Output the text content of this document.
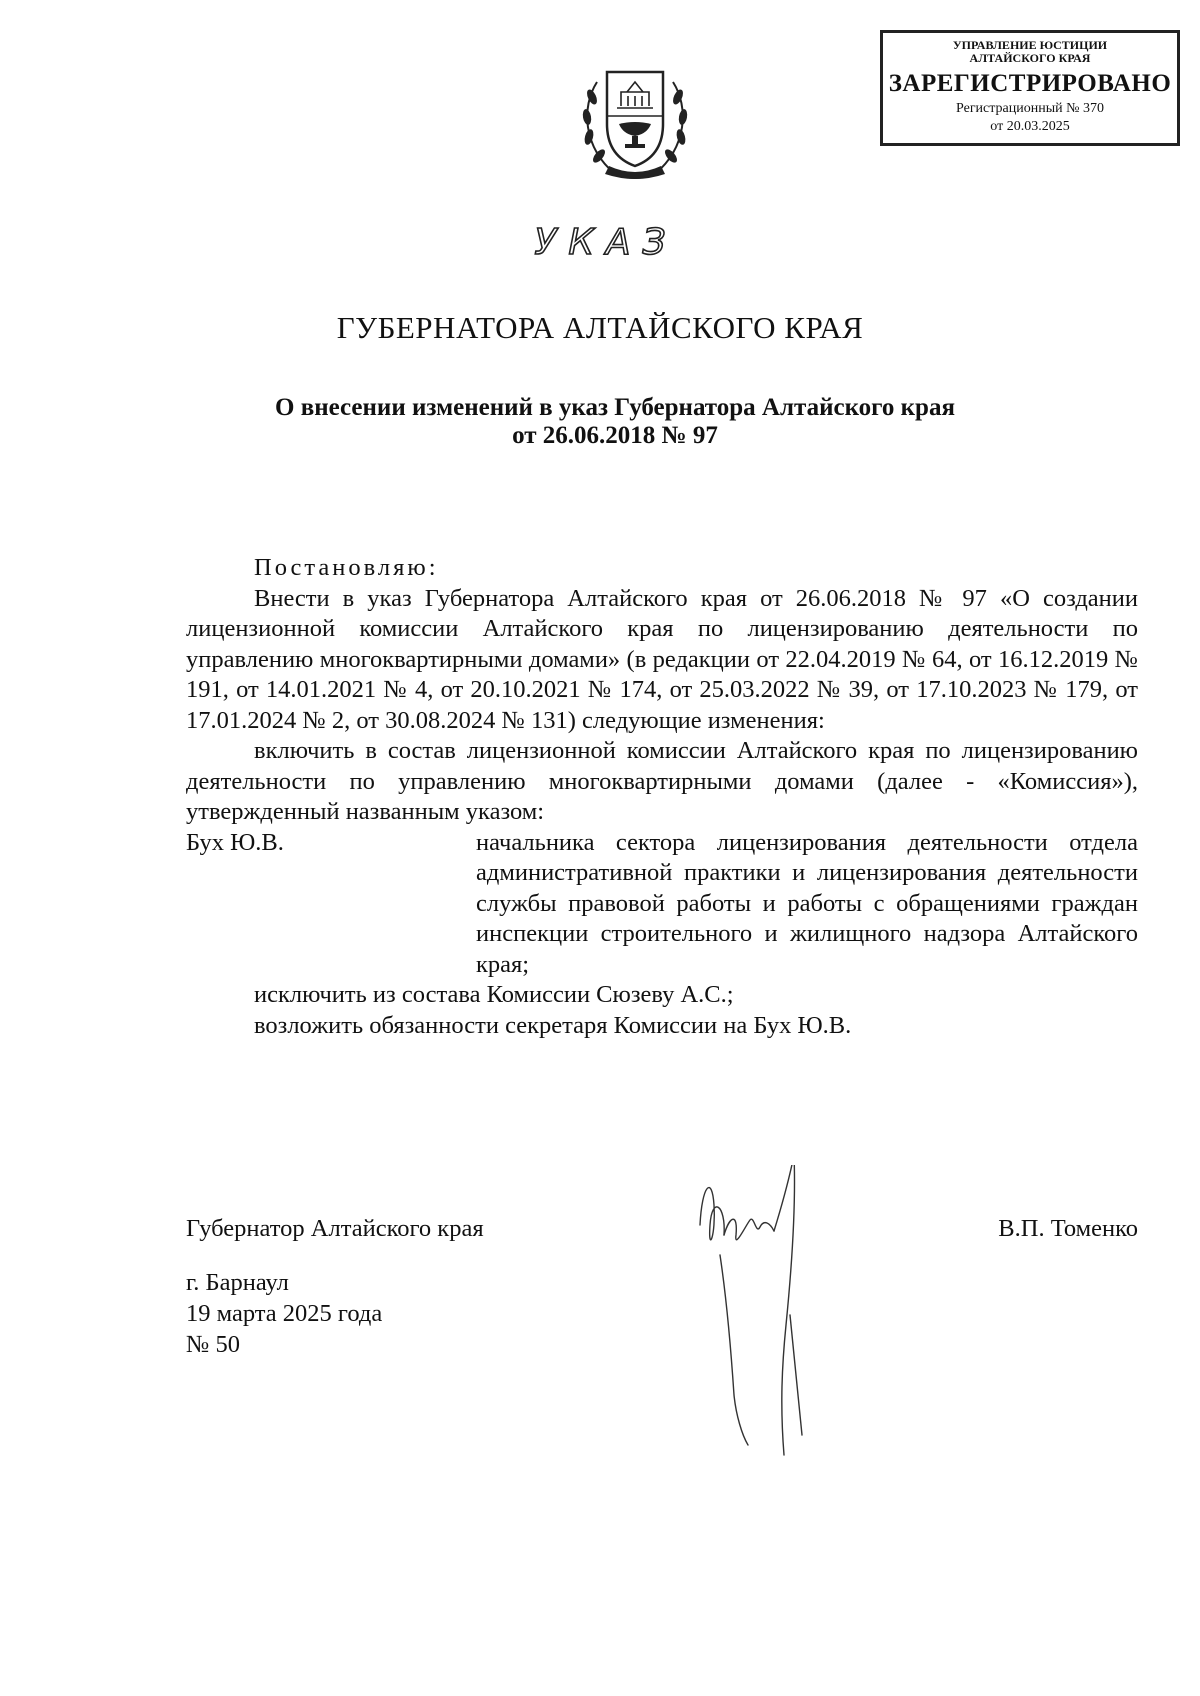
УПРАВЛЕНИЕ ЮСТИЦИИ
АЛТАЙСКОГО КРАЯ
ЗАРЕГИСТРИРОВАНО
Регистрационный № 370
от 20.03.2025
УКАЗ
ГУБЕРНАТОРА АЛТАЙСКОГО КРАЯ
О внесении изменений в указ Губернатора Алтайского края
от 26.06.2018 № 97

Постановляю:

Внести в указ Губернатора Алтайского края от 26.06.2018 № 97 «О создании лицензионной комиссии Алтайского края по лицензированию деятельности по управлению многоквартирными домами» (в редакции от 22.04.2019 № 64, от 16.12.2019 № 191, от 14.01.2021 № 4, от 20.10.2021 № 174, от 25.03.2022 № 39, от 17.10.2023 № 179, от 17.01.2024 № 2, от 30.08.2024 № 131) следующие изменения:

включить в состав лицензионной комиссии Алтайского края по лицензированию деятельности по управлению многоквартирными домами (далее - «Комиссия»), утвержденный названным указом:

Бух Ю.В.	начальника сектора лицензирования деятельности отдела административной практики и лицензирования деятельности службы правовой работы и работы с обращениями граждан инспекции строительного и жилищного надзора Алтайского края;

исключить из состава Комиссии Сюзеву А.С.;

возложить обязанности секретаря Комиссии на Бух Ю.В.

Губернатор Алтайского края	В.П. Томенко
г. Барнаул
19 марта 2025 года
№ 50
